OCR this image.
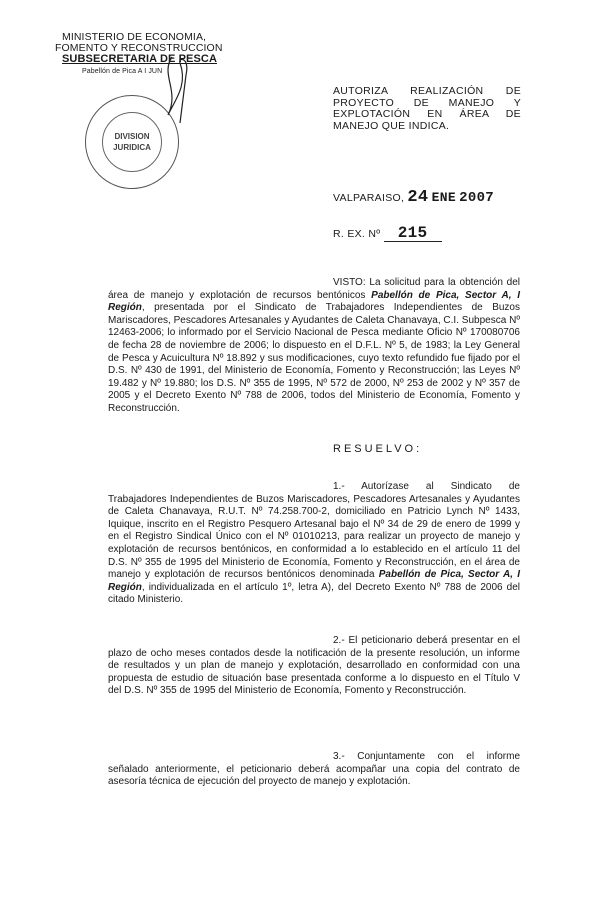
MINISTERIO DE ECONOMIA,
FOMENTO Y RECONSTRUCCION
SUBSECRETARIA DE PESCA
Pabellón de Pica A I JUN
DIVISION
JURIDICA
AUTORIZA REALIZACIÓN DE PROYECTO DE MANEJO Y EXPLOTACIÓN EN ÁREA DE MANEJO QUE INDICA.
VALPARAISO, 24 ENE 2007
R. EX. Nº 215
VISTO: La solicitud para la obtención del área de manejo y explotación de recursos bentónicos Pabellón de Pica, Sector A, I Región, presentada por el Sindicato de Trabajadores Independientes de Buzos Mariscadores, Pescadores Artesanales y Ayudantes de Caleta Chanavaya, C.I. Subpesca Nº 12463-2006; lo informado por el Servicio Nacional de Pesca mediante Oficio Nº 170080706 de fecha 28 de noviembre de 2006; lo dispuesto en el D.F.L. Nº 5, de 1983; la Ley General de Pesca y Acuicultura Nº 18.892 y sus modificaciones, cuyo texto refundido fue fijado por el D.S. Nº 430 de 1991, del Ministerio de Economía, Fomento y Reconstrucción; las Leyes Nº 19.482 y Nº 19.880; los D.S. Nº 355 de 1995, Nº 572 de 2000, Nº 253 de 2002 y Nº 357 de 2005 y el Decreto Exento Nº 788 de 2006, todos del Ministerio de Economía, Fomento y Reconstrucción.
RESUELVO:
1.- Autorízase al Sindicato de Trabajadores Independientes de Buzos Mariscadores, Pescadores Artesanales y Ayudantes de Caleta Chanavaya, R.U.T. Nº 74.258.700-2, domiciliado en Patricio Lynch Nº 1433, Iquique, inscrito en el Registro Pesquero Artesanal bajo el Nº 34 de 29 de enero de 1999 y en el Registro Sindical Único con el Nº 01010213, para realizar un proyecto de manejo y explotación de recursos bentónicos, en conformidad a lo establecido en el artículo 11 del D.S. Nº 355 de 1995 del Ministerio de Economía, Fomento y Reconstrucción, en el área de manejo y explotación de recursos bentónicos denominada Pabellón de Pica, Sector A, I Región, individualizada en el artículo 1º, letra A), del Decreto Exento Nº 788 de 2006 del citado Ministerio.
2.- El peticionario deberá presentar en el plazo de ocho meses contados desde la notificación de la presente resolución, un informe de resultados y un plan de manejo y explotación, desarrollado en conformidad con una propuesta de estudio de situación base presentada conforme a lo dispuesto en el Título V del D.S. Nº 355 de 1995 del Ministerio de Economía, Fomento y Reconstrucción.
3.- Conjuntamente con el informe señalado anteriormente, el peticionario deberá acompañar una copia del contrato de asesoría técnica de ejecución del proyecto de manejo y explotación.
